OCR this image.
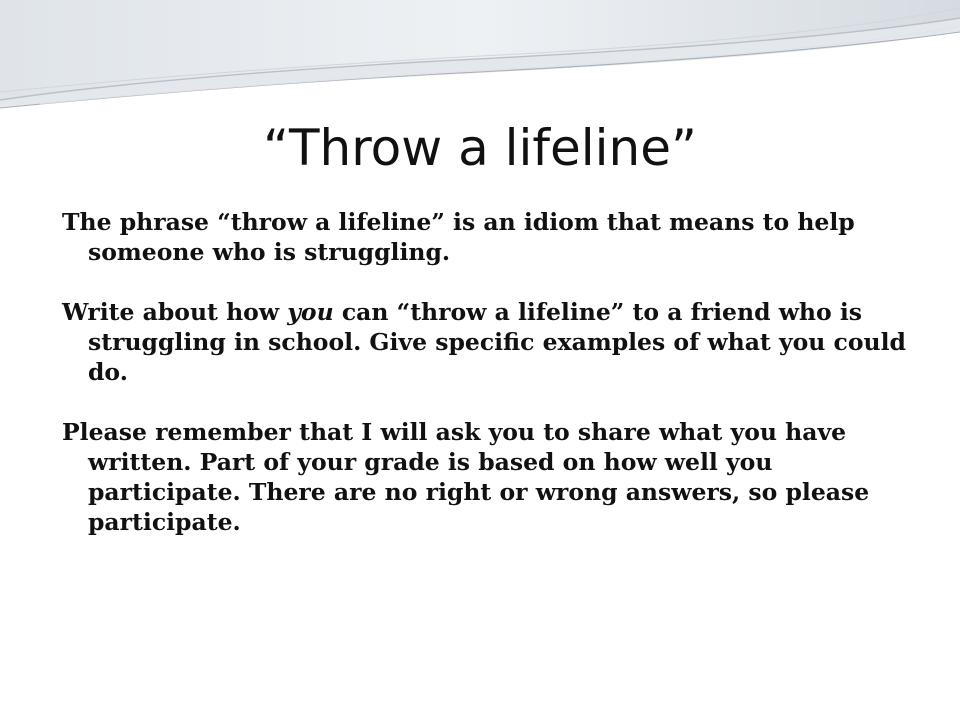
“Throw a lifeline”

The phrase “throw a lifeline” is an idiom that means to help someone who is struggling.

Write about how you can “throw a lifeline” to a friend who is struggling in school. Give specific examples of what you could do.

Please remember that I will ask you to share what you have written. Part of your grade is based on how well you participate. There are no right or wrong answers, so please participate.
